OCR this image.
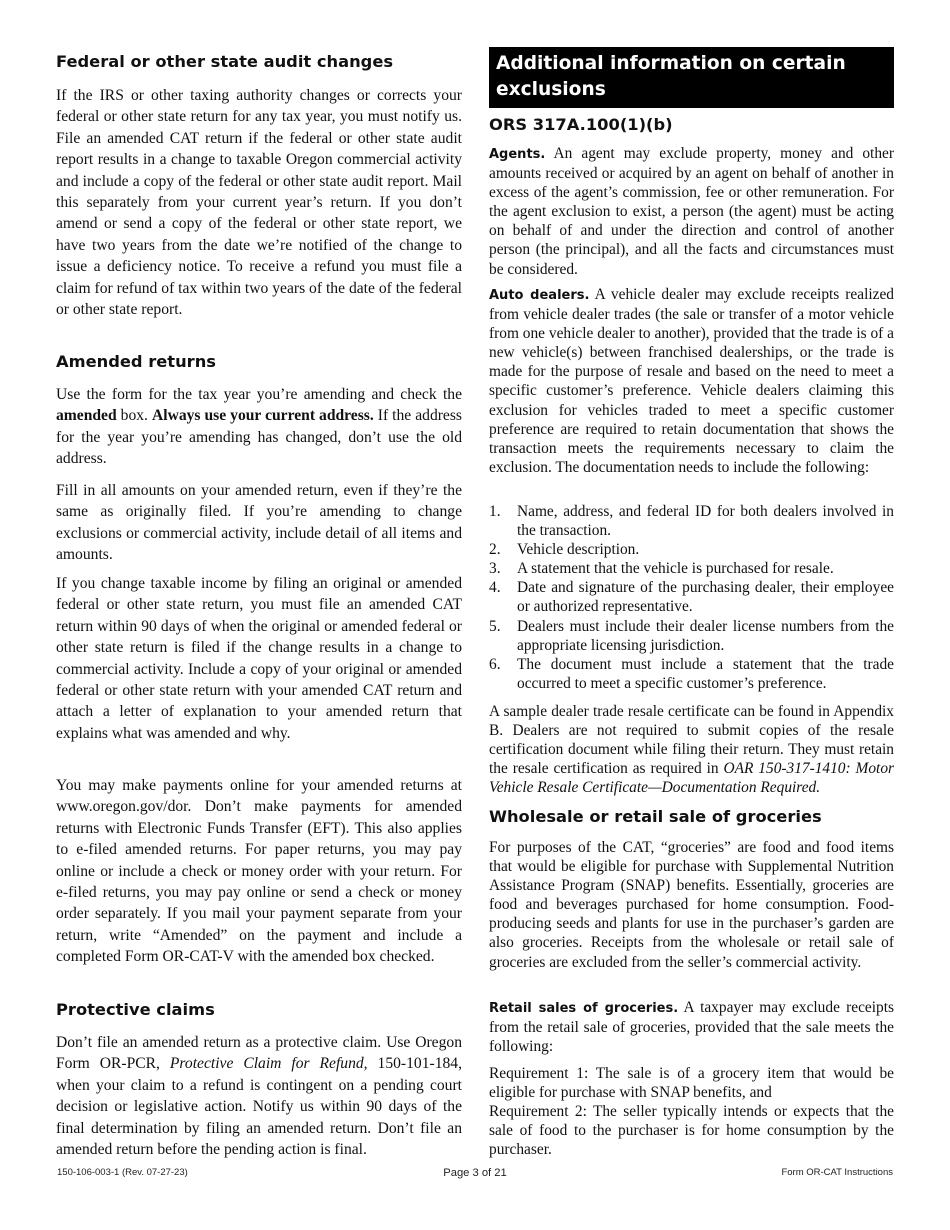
Federal or other state audit changes

If the IRS or other taxing authority changes or corrects your federal or other state return for any tax year, you must notify us. File an amended CAT return if the federal or other state audit report results in a change to taxable Oregon commercial activity and include a copy of the federal or other state audit report. Mail this separately from your current year’s return. If you don’t amend or send a copy of the federal or other state report, we have two years from the date we’re notified of the change to issue a deficiency notice. To receive a refund you must file a claim for refund of tax within two years of the date of the federal or other state report.

Amended returns

Use the form for the tax year you’re amending and check the amended box. Always use your current address. If the address for the year you’re amending has changed, don’t use the old address.

Fill in all amounts on your amended return, even if they’re the same as originally filed. If you’re amending to change exclusions or commercial activity, include detail of all items and amounts.

If you change taxable income by filing an original or amended federal or other state return, you must file an amended CAT return within 90 days of when the original or amended federal or other state return is filed if the change results in a change to commercial activity. Include a copy of your original or amended federal or other state return with your amended CAT return and attach a letter of explanation to your amended return that explains what was amended and why.

You may make payments online for your amended returns at www.oregon.gov/dor. Don’t make payments for amended returns with Electronic Funds Transfer (EFT). This also applies to e-filed amended returns. For paper returns, you may pay online or include a check or money order with your return. For e-filed returns, you may pay online or send a check or money order separately. If you mail your payment separate from your return, write “Amended” on the payment and include a completed Form OR-CAT-V with the amended box checked.

Protective claims

Don’t file an amended return as a protective claim. Use Oregon Form OR-PCR, Protective Claim for Refund, 150-101-184, when your claim to a refund is contingent on a pending court decision or legislative action. Notify us within 90 days of the final determination by filing an amended return. Don’t file an amended return before the pending action is final.

Additional information on certain exclusions
ORS 317A.100(1)(b)

Agents. An agent may exclude property, money and other amounts received or acquired by an agent on behalf of another in excess of the agent’s commission, fee or other remuneration. For the agent exclusion to exist, a person (the agent) must be acting on behalf of and under the direction and control of another person (the principal), and all the facts and circumstances must be considered.

Auto dealers. A vehicle dealer may exclude receipts realized from vehicle dealer trades (the sale or transfer of a motor vehicle from one vehicle dealer to another), provided that the trade is of a new vehicle(s) between franchised dealerships, or the trade is made for the purpose of resale and based on the need to meet a specific customer’s preference. Vehicle dealers claiming this exclusion for vehicles traded to meet a specific customer preference are required to retain documentation that shows the transaction meets the requirements necessary to claim the exclusion. The documentation needs to include the following:

1. Name, address, and federal ID for both dealers involved in the transaction.
2. Vehicle description.
3. A statement that the vehicle is purchased for resale.
4. Date and signature of the purchasing dealer, their employee or authorized representative.
5. Dealers must include their dealer license numbers from the appropriate licensing jurisdiction.
6. The document must include a statement that the trade occurred to meet a specific customer’s preference.

A sample dealer trade resale certificate can be found in Appendix B. Dealers are not required to submit copies of the resale certification document while filing their return. They must retain the resale certification as required in OAR 150-317-1410: Motor Vehicle Resale Certificate—Documentation Required.

Wholesale or retail sale of groceries

For purposes of the CAT, “groceries” are food and food items that would be eligible for purchase with Supplemental Nutrition Assistance Program (SNAP) benefits. Essentially, groceries are food and beverages purchased for home consumption. Food-producing seeds and plants for use in the purchaser’s garden are also groceries. Receipts from the wholesale or retail sale of groceries are excluded from the seller’s commercial activity.

Retail sales of groceries. A taxpayer may exclude receipts from the retail sale of groceries, provided that the sale meets the following:

Requirement 1: The sale is of a grocery item that would be eligible for purchase with SNAP benefits, and
Requirement 2: The seller typically intends or expects that the sale of food to the purchaser is for home consumption by the purchaser.

150-106-003-1 (Rev. 07-27-23)	Page 3 of 21	Form OR-CAT Instructions
